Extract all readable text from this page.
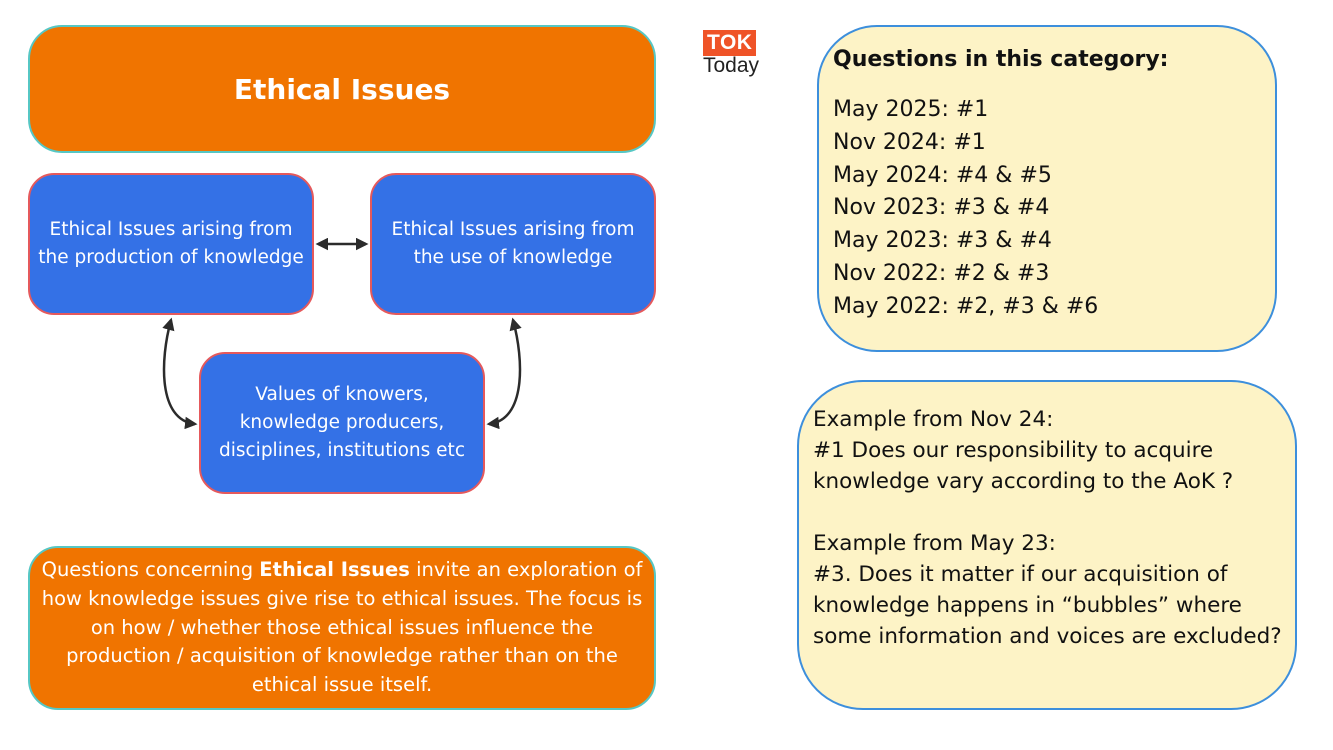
Ethical Issues
Ethical Issues arising from the production of knowledge
Ethical Issues arising from the use of knowledge
Values of knowers, knowledge producers, disciplines, institutions etc

Questions concerning Ethical Issues invite an exploration of how knowledge issues give rise to ethical issues. The focus is on how / whether those ethical issues influence the production / acquisition of knowledge rather than on the ethical issue itself.

TOK
Today	Questions in this category:
May 2025: #1
Nov 2024: #1
May 2024: #4 & #5
Nov 2023: #3 & #4
May 2023: #3 & #4
Nov 2022: #2 & #3
May 2022: #2, #3 & #6
Example from Nov 24:
#1 Does our responsibility to acquire knowledge vary according to the AoK ?
Example from May 23:
#3. Does it matter if our acquisition of knowledge happens in “bubbles” where some information and voices are excluded?
